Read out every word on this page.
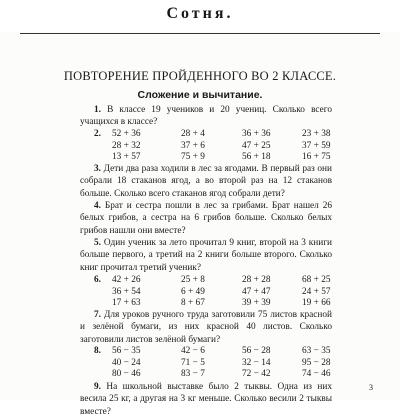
Сотня.
ПОВТОРЕНИЕ ПРОЙДЕННОГО ВО 2 КЛАССЕ.
Сложение и вычитание.

1. В классе 19 учеников и 20 учениц. Сколько всего учащихся в классе?

2. 52 + 36	28 + 4	36 + 36	23 + 38
28 + 32	37 + 6	47 + 25	37 + 59
13 + 57	75 + 9	56 + 18	16 + 75

3. Дети два раза ходили в лес за ягодами. В первый раз они собрали 18 стаканов ягод, а во второй раз на 12 стаканов больше. Сколько всего стаканов ягод собрали дети?

4. Брат и сестра пошли в лес за грибами. Брат нашел 26 белых грибов, а сестра на 6 грибов больше. Сколько белых грибов нашли они вместе?

5. Один ученик за лето прочитал 9 книг, второй на 3 книги больше первого, а третий на 2 книги больше второго. Сколько книг прочитал третий ученик?

6. 42 + 26	25 + 8	28 + 28	68 + 25
36 + 54	6 + 49	47 + 47	24 + 57
17 + 63	8 + 67	39 + 39	19 + 66

7. Для уроков ручного труда заготовили 75 листов красной и зелёной бумаги, из них красной 40 листов. Сколько заготовили листов зелёной бумаги?

8. 56 − 35	42 − 6	56 − 28	63 − 35
40 − 24	71 − 5	32 − 14	95 − 28
80 − 46	83 − 7	72 − 42	74 − 46

9. На школьной выставке было 2 тыквы. Одна из них весила 25 кг, а другая на 3 кг меньше. Сколько весили 2 тыквы вместе?

3
